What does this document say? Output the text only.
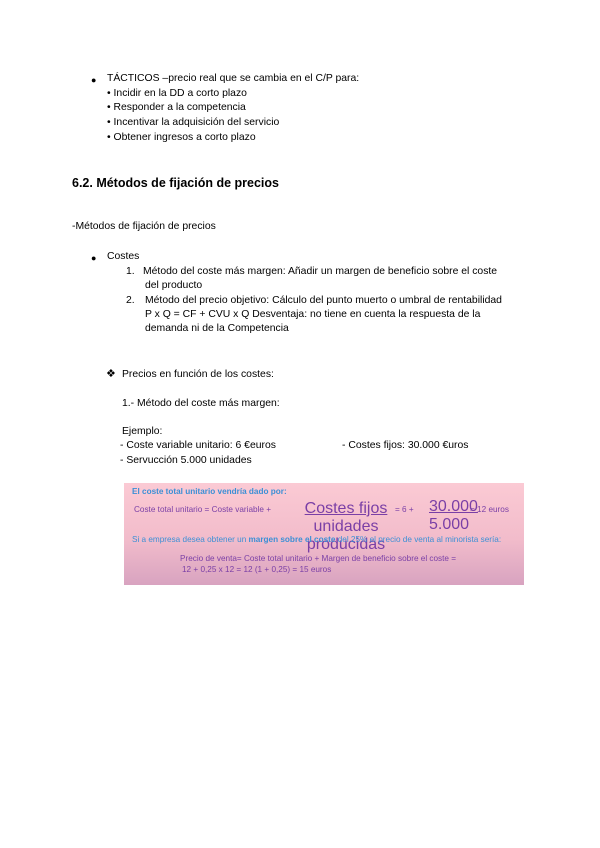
● TÁCTICOS –precio real que se cambia en el C/P para:
• Incidir en la DD a corto plazo
• Responder a la competencia
• Incentivar la adquisición del servicio
• Obtener ingresos a corto plazo
6.2. Métodos de fijación de precios
-Métodos de fijación de precios
● Costes
1. Método del coste más margen: Añadir un margen de beneficio sobre el coste
del producto
2. Método del precio objetivo: Cálculo del punto muerto o umbral de rentabilidad
P x Q = CF + CVU x Q Desventaja: no tiene en cuenta la respuesta de la
demanda ni de la Competencia
❖ Precios en función de los costes:
1.- Método del coste más margen:
Ejemplo:
- Coste variable unitario: 6 €euros	- Costes fijos: 30.000 €uros
- Servucción 5.000 unidades
El coste total unitario vendría dado por:
Coste total unitario = Coste variable + Costes fijos
unidades producidas
= $6 + \frac{30.000}{5.000} = 12$ euros
Si a empresa desea obtener un margen sobre el coste del 25% el precio de venta al minorista sería:
Precio de venta= Coste total unitario + Margen de beneficio sobre el coste =
12 + 0,25 x 12 = 12 (1 + 0,25) = 15 euros
